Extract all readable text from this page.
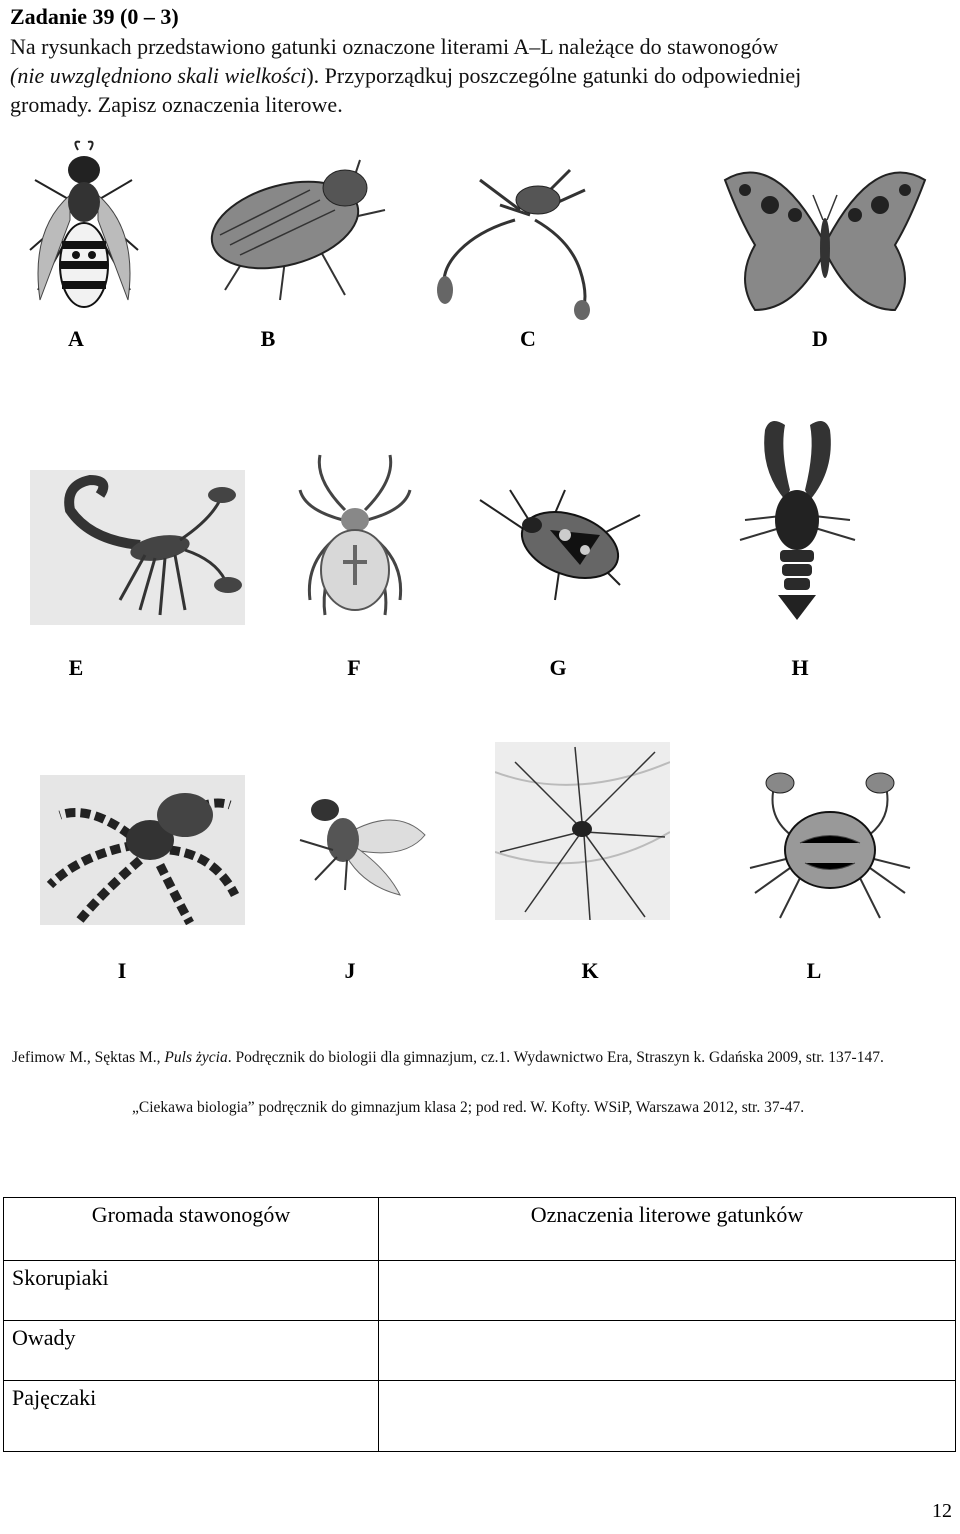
Zadanie 39 (0 – 3)
Na rysunkach przedstawiono gatunki oznaczone literami A–L należące do stawonogów
(nie uwzględniono skali wielkości). Przyporządkuj poszczególne gatunki do odpowiedniej
gromady. Zapisz oznaczenia literowe.
A	B	C	D
E	F	G	H
I	J	K	L
Jefimow M., Sęktas M., Puls życia. Podręcznik do biologii dla gimnazjum, cz.1. Wydawnictwo Era, Straszyn k. Gdańska 2009, str. 137-147.
„Ciekawa biologia” podręcznik do gimnazjum klasa 2; pod red. W. Kofty. WSiP, Warszawa 2012, str. 37-47.
Gromada stawonogów	Oznaczenia literowe gatunków
Skorupiaki	
Owady	
Pajęczaki	
12
